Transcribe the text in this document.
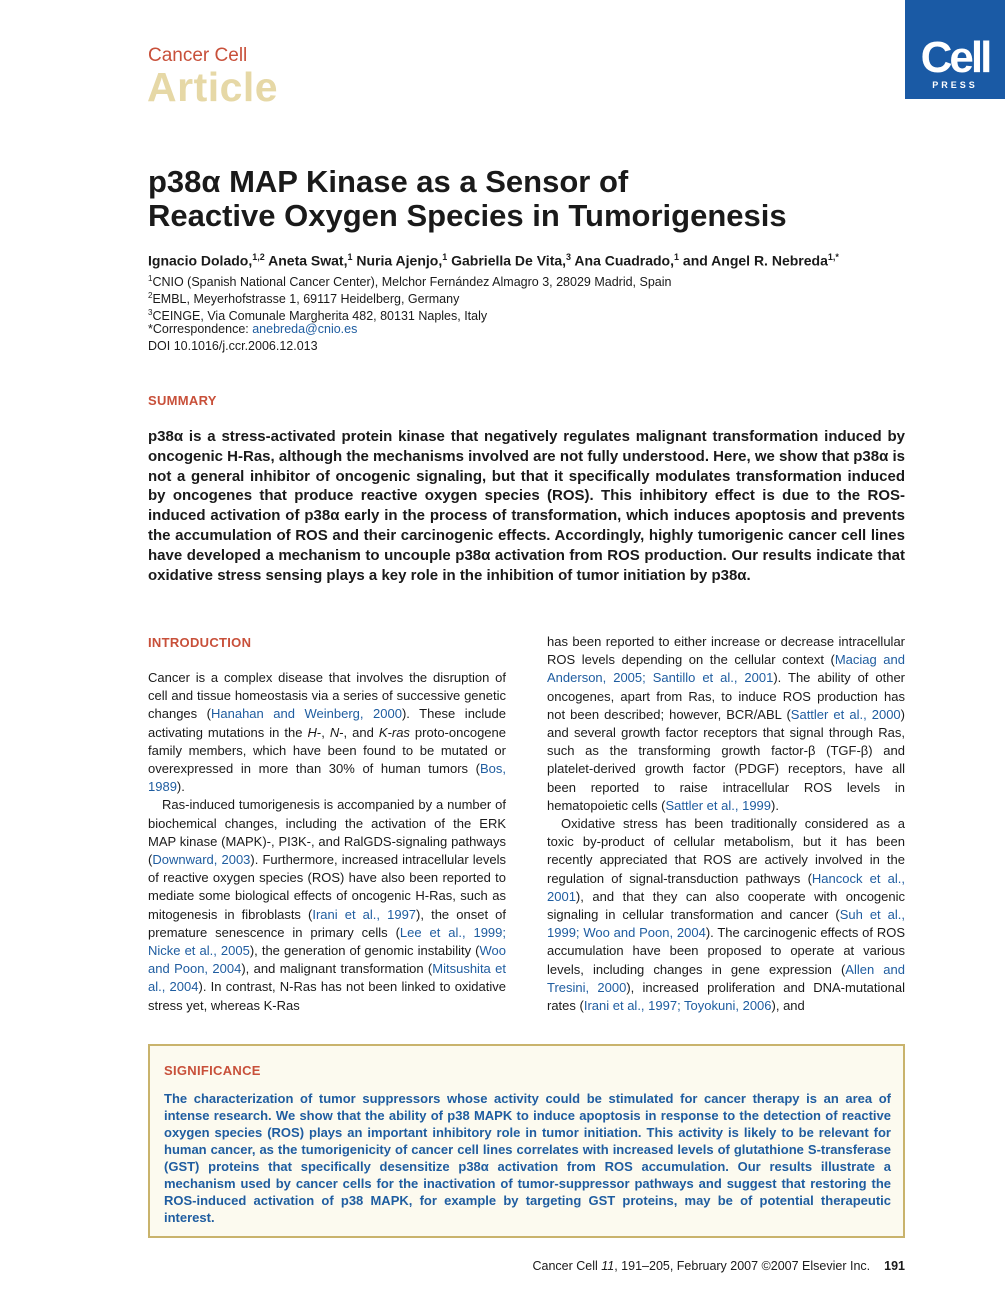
Cancer Cell
Article
Cell
PRESS
p38α MAP Kinase as a Sensor of
Reactive Oxygen Species in Tumorigenesis
Ignacio Dolado,$^{1,2}$ Aneta Swat,$^1$ Nuria Ajenjo,$^1$ Gabriella De Vita,$^3$ Ana Cuadrado,$^1$ and Angel R. Nebreda$^{1,*}$
$^1$CNIO (Spanish National Cancer Center), Melchor Fernández Almagro 3, 28029 Madrid, Spain
$^2$EMBL, Meyerhofstrasse 1, 69117 Heidelberg, Germany
$^3$CEINGE, Via Comunale Margherita 482, 80131 Naples, Italy
*Correspondence: anebreda@cnio.es
DOI 10.1016/j.ccr.2006.12.013
SUMMARY

p38α is a stress-activated protein kinase that negatively regulates malignant transformation induced by oncogenic H-Ras, although the mechanisms involved are not fully understood. Here, we show that p38α is not a general inhibitor of oncogenic signaling, but that it specifically modulates transformation induced by oncogenes that produce reactive oxygen species (ROS). This inhibitory effect is due to the ROS-induced activation of p38α early in the process of transformation, which induces apoptosis and prevents the accumulation of ROS and their carcinogenic effects. Accordingly, highly tumorigenic cancer cell lines have developed a mechanism to uncouple p38α activation from ROS production. Our results indicate that oxidative stress sensing plays a key role in the inhibition of tumor initiation by p38α.

INTRODUCTION

Cancer is a complex disease that involves the disruption of cell and tissue homeostasis via a series of successive genetic changes (Hanahan and Weinberg, 2000). These include activating mutations in the H-, N-, and K-ras proto-oncogene family members, which have been found to be mutated or overexpressed in more than 30% of human tumors (Bos, 1989).

Ras-induced tumorigenesis is accompanied by a number of biochemical changes, including the activation of the ERK MAP kinase (MAPK)-, PI3K-, and RalGDS-signaling pathways (Downward, 2003). Furthermore, increased intracellular levels of reactive oxygen species (ROS) have also been reported to mediate some biological effects of oncogenic H-Ras, such as mitogenesis in fibroblasts (Irani et al., 1997), the onset of premature senescence in primary cells (Lee et al., 1999; Nicke et al., 2005), the generation of genomic instability (Woo and Poon, 2004), and malignant transformation (Mitsushita et al., 2004). In contrast, N-Ras has not been linked to oxidative stress yet, whereas K-Ras

has been reported to either increase or decrease intracellular ROS levels depending on the cellular context (Maciag and Anderson, 2005; Santillo et al., 2001). The ability of other oncogenes, apart from Ras, to induce ROS production has not been described; however, BCR/ABL (Sattler et al., 2000) and several growth factor receptors that signal through Ras, such as the transforming growth factor-β (TGF-β) and platelet-derived growth factor (PDGF) receptors, have all been reported to raise intracellular ROS levels in hematopoietic cells (Sattler et al., 1999).

Oxidative stress has been traditionally considered as a toxic by-product of cellular metabolism, but it has been recently appreciated that ROS are actively involved in the regulation of signal-transduction pathways (Hancock et al., 2001), and that they can also cooperate with oncogenic signaling in cellular transformation and cancer (Suh et al., 1999; Woo and Poon, 2004). The carcinogenic effects of ROS accumulation have been proposed to operate at various levels, including changes in gene expression (Allen and Tresini, 2000), increased proliferation and DNA-mutational rates (Irani et al., 1997; Toyokuni, 2006), and

SIGNIFICANCE

The characterization of tumor suppressors whose activity could be stimulated for cancer therapy is an area of intense research. We show that the ability of p38 MAPK to induce apoptosis in response to the detection of reactive oxygen species (ROS) plays an important inhibitory role in tumor initiation. This activity is likely to be relevant for human cancer, as the tumorigenicity of cancer cell lines correlates with increased levels of glutathione S-transferase (GST) proteins that specifically desensitize p38α activation from ROS accumulation. Our results illustrate a mechanism used by cancer cells for the inactivation of tumor-suppressor pathways and suggest that restoring the ROS-induced activation of p38 MAPK, for example by targeting GST proteins, may be of potential therapeutic interest.

Cancer Cell 11, 191–205, February 2007 ©2007 Elsevier Inc. 191
